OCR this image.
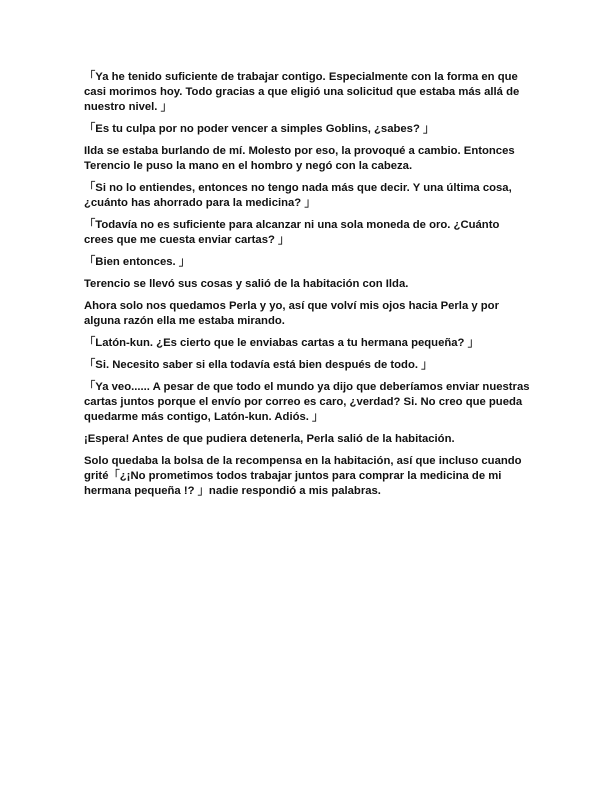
「Ya he tenido suficiente de trabajar contigo. Especialmente con la forma en que casi morimos hoy. Todo gracias a que eligió una solicitud que estaba más allá de nuestro nivel. 」

「Es tu culpa por no poder vencer a simples Goblins, ¿sabes? 」

Ilda se estaba burlando de mí. Molesto por eso, la provoqué a cambio. Entonces Terencio le puso la mano en el hombro y negó con la cabeza.

「Si no lo entiendes, entonces no tengo nada más que decir. Y una última cosa, ¿cuánto has ahorrado para la medicina? 」

「Todavía no es suficiente para alcanzar ni una sola moneda de oro. ¿Cuánto crees que me cuesta enviar cartas? 」

「Bien entonces. 」

Terencio se llevó sus cosas y salió de la habitación con Ilda.

Ahora solo nos quedamos Perla y yo, así que volví mis ojos hacia Perla y por alguna razón ella me estaba mirando.

「Latón-kun. ¿Es cierto que le enviabas cartas a tu hermana pequeña? 」

「Si. Necesito saber si ella todavía está bien después de todo. 」

「Ya veo...... A pesar de que todo el mundo ya dijo que deberíamos enviar nuestras cartas juntos porque el envío por correo es caro, ¿verdad? Si. No creo que pueda quedarme más contigo, Latón-kun. Adiós. 」

¡Espera! Antes de que pudiera detenerla, Perla salió de la habitación.

Solo quedaba la bolsa de la recompensa en la habitación, así que incluso cuando grité「¿¡No prometimos todos trabajar juntos para comprar la medicina de mi hermana pequeña !? 」nadie respondió a mis palabras.
